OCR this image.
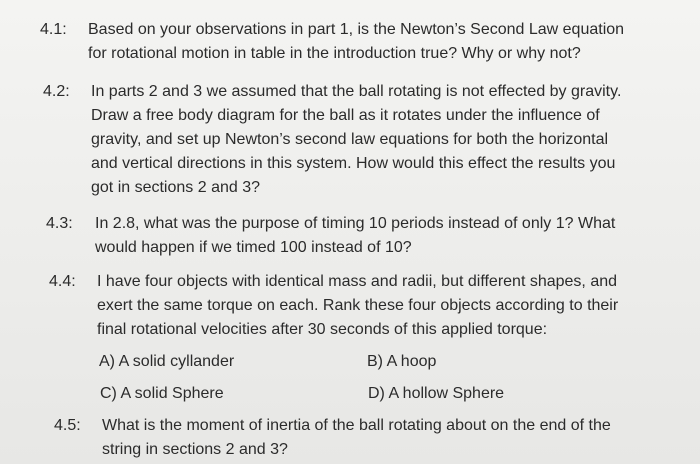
4.1: Based on your observations in part 1, is the Newton’s Second Law equation
for rotational motion in table in the introduction true? Why or why not?
4.2: In parts 2 and 3 we assumed that the ball rotating is not effected by gravity.
Draw a free body diagram for the ball as it rotates under the influence of
gravity, and set up Newton’s second law equations for both the horizontal
and vertical directions in this system. How would this effect the results you
got in sections 2 and 3?
4.3: In 2.8, what was the purpose of timing 10 periods instead of only 1? What
would happen if we timed 100 instead of 10?
4.4: I have four objects with identical mass and radii, but different shapes, and
exert the same torque on each. Rank these four objects according to their
final rotational velocities after 30 seconds of this applied torque:
A) A solid cyllander	B) A hoop
C) A solid Sphere	D) A hollow Sphere
4.5: What is the moment of inertia of the ball rotating about on the end of the
string in sections 2 and 3?
